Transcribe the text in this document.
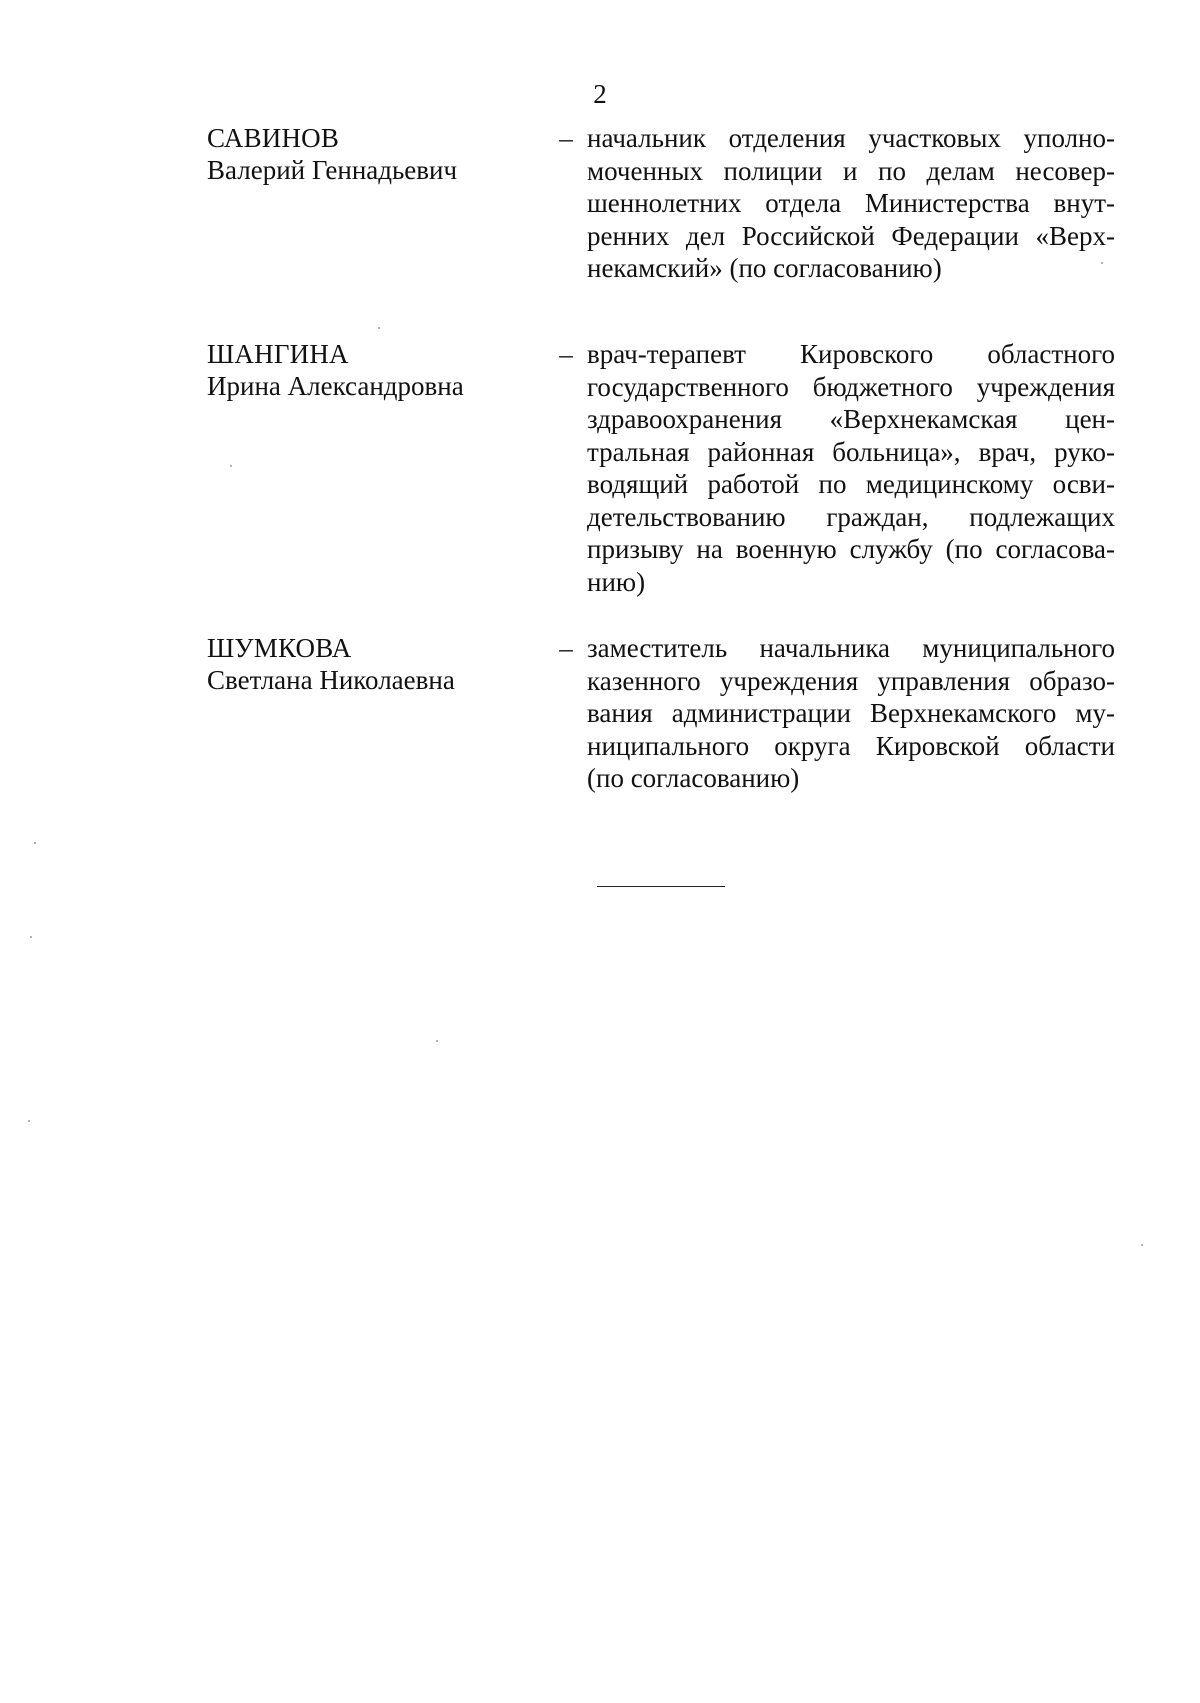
2
САВИНОВ
Валерий Геннадьевич
– начальник отделения участковых уполно-
моченных полиции и по делам несовер-
шеннолетних отдела Министерства внут-
ренних дел Российской Федерации «Верх-
некамский» (по согласованию)
ШАНГИНА
Ирина Александровна
– врач-терапевт Кировского областного
государственного бюджетного учреждения
здравоохранения «Верхнекамская цен-
тральная районная больница», врач, руко-
водящий работой по медицинскому осви-
детельствованию граждан, подлежащих
призыву на военную службу (по согласова-
нию)
ШУМКОВА
Светлана Николаевна
– заместитель начальника муниципального
казенного учреждения управления образо-
вания администрации Верхнекамского му-
ниципального округа Кировской области
(по согласованию)
